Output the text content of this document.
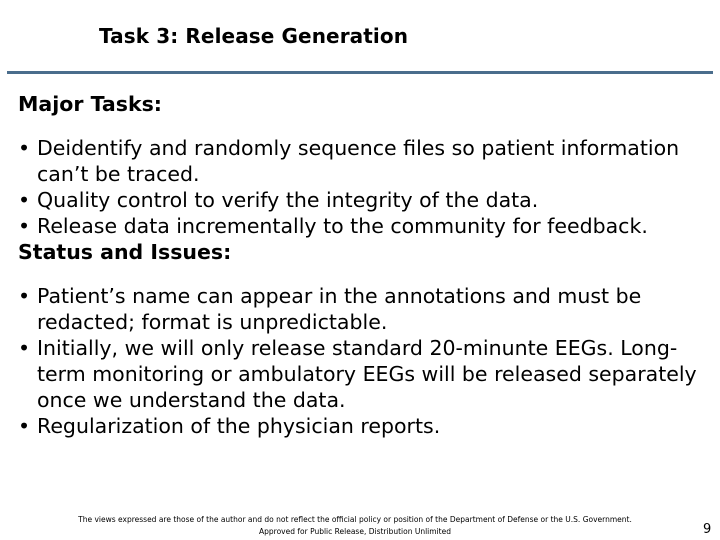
Task 3: Release Generation
Major Tasks:
• Deidentify and randomly sequence files so patient information can’t be traced.
• Quality control to verify the integrity of the data.
• Release data incrementally to the community for feedback.
Status and Issues:
• Patient’s name can appear in the annotations and must be redacted; format is unpredictable.
• Initially, we will only release standard 20-minunte EEGs. Long-term monitoring or ambulatory EEGs will be released separately once we understand the data.
• Regularization of the physician reports.
The views expressed are those of the author and do not reflect the official policy or position of the Department of Defense or the U.S. Government.
Approved for Public Release, Distribution Unlimited	9
